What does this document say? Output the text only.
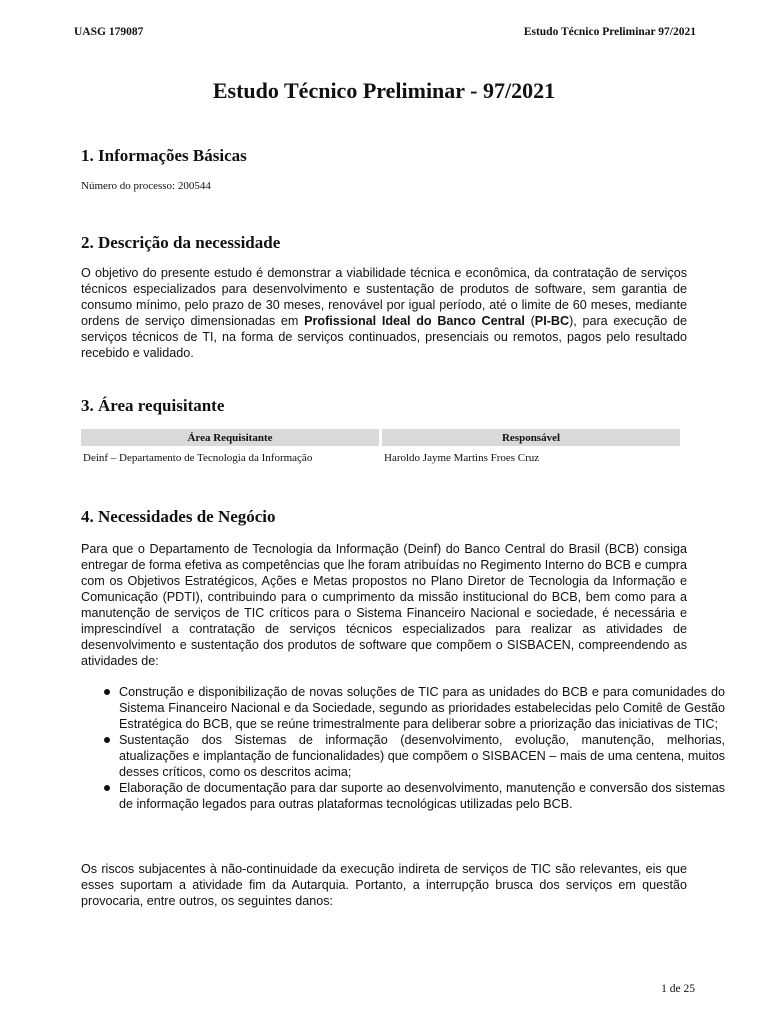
UASG 179087	Estudo Técnico Preliminar 97/2021
Estudo Técnico Preliminar - 97/2021
1. Informações Básicas
Número do processo: 200544
2. Descrição da necessidade

O objetivo do presente estudo é demonstrar a viabilidade técnica e econômica, da contratação de serviços técnicos especializados para desenvolvimento e sustentação de produtos de software, sem garantia de consumo mínimo, pelo prazo de 30 meses, renovável por igual período, até o limite de 60 meses, mediante ordens de serviço dimensionadas em Profissional Ideal do Banco Central (PI-BC), para execução de serviços técnicos de TI, na forma de serviços continuados, presenciais ou remotos, pagos pelo resultado recebido e validado.

3. Área requisitante
Área Requisitante	Responsável
Deinf – Departamento de Tecnologia da Informação	Haroldo Jayme Martins Froes Cruz
4. Necessidades de Negócio

Para que o Departamento de Tecnologia da Informação (Deinf) do Banco Central do Brasil (BCB) consiga entregar de forma efetiva as competências que lhe foram atribuídas no Regimento Interno do BCB e cumpra com os Objetivos Estratégicos, Ações e Metas propostos no Plano Diretor de Tecnologia da Informação e Comunicação (PDTI), contribuindo para o cumprimento da missão institucional do BCB, bem como para a manutenção de serviços de TIC críticos para o Sistema Financeiro Nacional e sociedade, é necessária e imprescindível a contratação de serviços técnicos especializados para realizar as atividades de desenvolvimento e sustentação dos produtos de software que compõem o SISBACEN, compreendendo as atividades de:

Construção e disponibilização de novas soluções de TIC para as unidades do BCB e para comunidades do Sistema Financeiro Nacional e da Sociedade, segundo as prioridades estabelecidas pelo Comitê de Gestão Estratégica do BCB, que se reúne trimestralmente para deliberar sobre a priorização das iniciativas de TIC;
Sustentação dos Sistemas de informação (desenvolvimento, evolução, manutenção, melhorias, atualizações e implantação de funcionalidades) que compõem o SISBACEN – mais de uma centena, muitos desses críticos, como os descritos acima;
Elaboração de documentação para dar suporte ao desenvolvimento, manutenção e conversão dos sistemas de informação legados para outras plataformas tecnológicas utilizadas pelo BCB.

Os riscos subjacentes à não-continuidade da execução indireta de serviços de TIC são relevantes, eis que esses suportam a atividade fim da Autarquia. Portanto, a interrupção brusca dos serviços em questão provocaria, entre outros, os seguintes danos:

1 de 25
